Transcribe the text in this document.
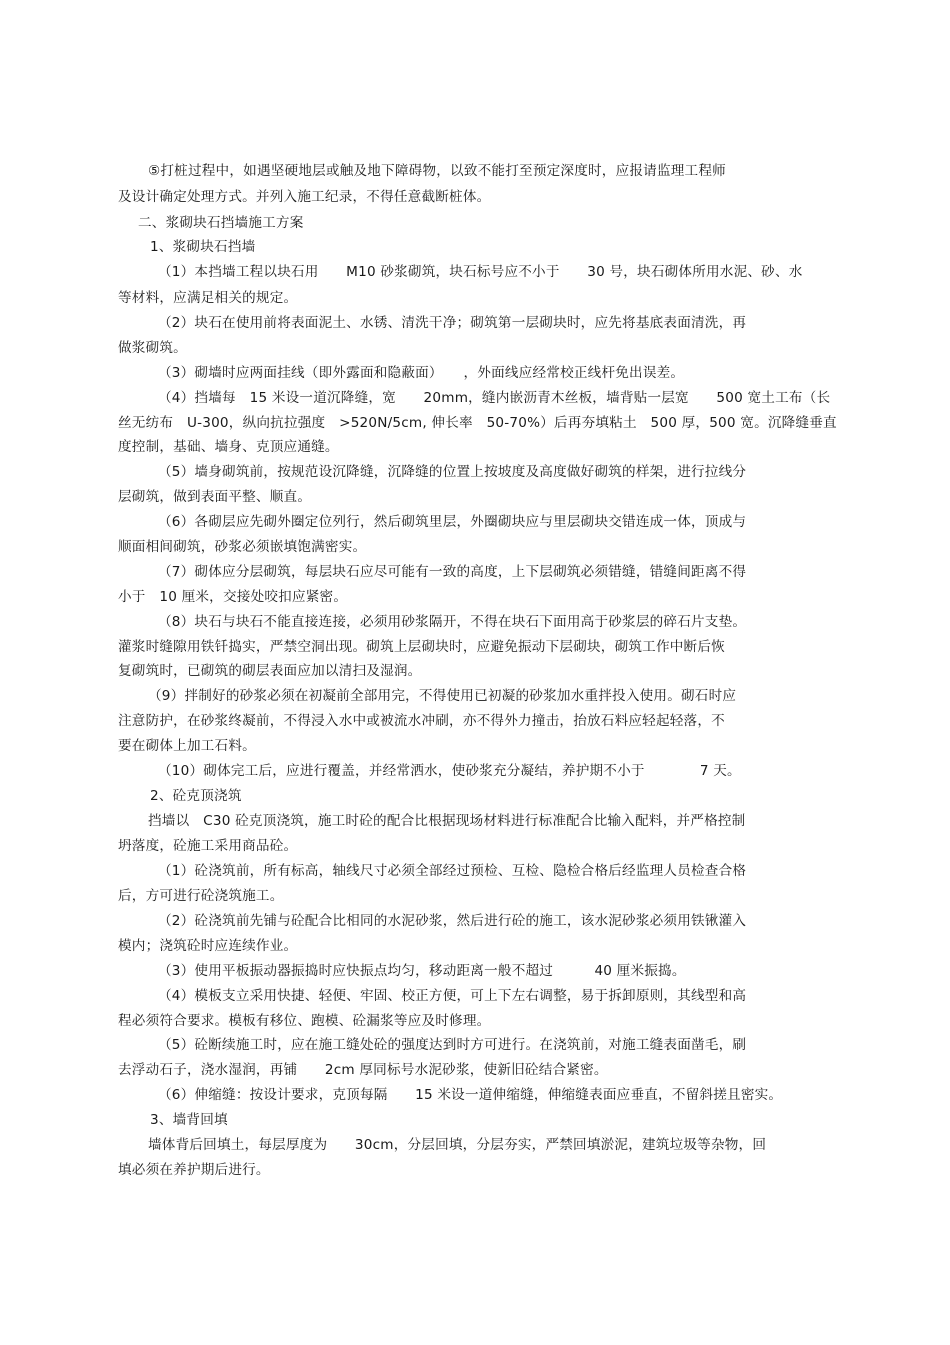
⑤打桩过程中，如遇坚硬地层或触及地下障碍物，以致不能打至预定深度时，应报请监理工程师
及设计确定处理方式。并列入施工纪录，不得任意截断桩体。
二、浆砌块石挡墙施工方案
1、浆砌块石挡墙
（1）本挡墙工程以块石用　　M10 砂浆砌筑，块石标号应不小于　　30 号，块石砌体所用水泥、砂、水
等材料，应满足相关的规定。
（2）块石在使用前将表面泥土、水锈、清洗干净；砌筑第一层砌块时，应先将基底表面清洗，再
做浆砌筑。
（3）砌墙时应两面挂线（即外露面和隐蔽面）　　，外面线应经常校正线杆免出误差。
（4）挡墙每　15 米设一道沉降缝，宽　　20mm，缝内嵌沥青木丝板，墙背贴一层宽　　500 宽土工布（长
丝无纺布　U-300，纵向抗拉强度　>520N/5cm, 伸长率　50-70%）后再夯填粘土　500 厚，500 宽。沉降缝垂直
度控制，基础、墙身、克顶应通缝。
（5）墙身砌筑前，按规范设沉降缝，沉降缝的位置上按坡度及高度做好砌筑的样架，进行拉线分
层砌筑，做到表面平整、顺直。
（6）各砌层应先砌外圈定位列行，然后砌筑里层，外圈砌块应与里层砌块交错连成一体，顶成与
顺面相间砌筑，砂浆必须嵌填饱满密实。
（7）砌体应分层砌筑，每层块石应尽可能有一致的高度，上下层砌筑必须错缝，错缝间距离不得
小于　10 厘米，交接处咬扣应紧密。
（8）块石与块石不能直接连接，必须用砂浆隔开，不得在块石下面用高于砂浆层的碎石片支垫。
灌浆时缝隙用铁钎捣实，严禁空洞出现。砌筑上层砌块时，应避免振动下层砌块，砌筑工作中断后恢
复砌筑时，已砌筑的砌层表面应加以清扫及湿润。
（9）拌制好的砂浆必须在初凝前全部用完，不得使用已初凝的砂浆加水重拌投入使用。砌石时应
注意防护，在砂浆终凝前，不得浸入水中或被流水冲刷，亦不得外力撞击，抬放石料应轻起轻落，不
要在砌体上加工石料。
（10）砌体完工后，应进行覆盖，并经常洒水，使砂浆充分凝结，养护期不小于　　　　7 天。
2、砼克顶浇筑
挡墙以　C30 砼克顶浇筑，施工时砼的配合比根据现场材料进行标准配合比输入配料，并严格控制
坍落度，砼施工采用商品砼。
（1）砼浇筑前，所有标高，轴线尺寸必须全部经过预检、互检、隐检合格后经监理人员检查合格
后，方可进行砼浇筑施工。
（2）砼浇筑前先铺与砼配合比相同的水泥砂浆，然后进行砼的施工，该水泥砂浆必须用铁锹灌入
模内；浇筑砼时应连续作业。
（3）使用平板振动器振捣时应快振点均匀，移动距离一般不超过　　　40 厘米振捣。
（4）模板支立采用快捷、轻便、牢固、校正方便，可上下左右调整，易于拆卸原则，其线型和高
程必须符合要求。模板有移位、跑模、砼漏浆等应及时修理。
（5）砼断续施工时，应在施工缝处砼的强度达到时方可进行。在浇筑前，对施工缝表面凿毛，刷
去浮动石子，浇水湿润，再铺　　2cm 厚同标号水泥砂浆，使新旧砼结合紧密。
（6）伸缩缝：按设计要求，克顶每隔　　15 米设一道伸缩缝，伸缩缝表面应垂直，不留斜搓且密实。
3、墙背回填
墙体背后回填土，每层厚度为　　30cm，分层回填，分层夯实，严禁回填淤泥，建筑垃圾等杂物，回
填必须在养护期后进行。
